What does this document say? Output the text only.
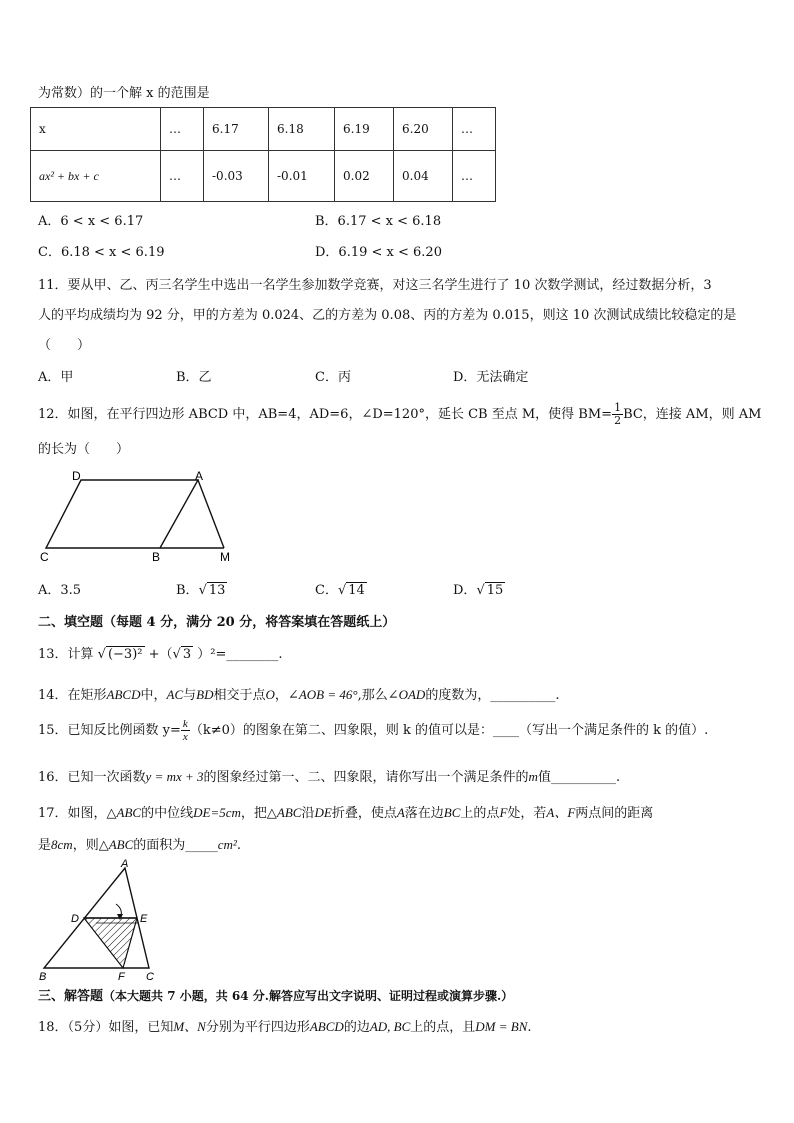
为常数）的一个解 x 的范围是
x	…	6.17	6.18	6.19	6.20	…
ax² + bx + c	…	-0.03	-0.01	0.02	0.04	…
A．6 < x < 6.17	B．6.17 < x < 6.18
C．6.18 < x < 6.19	D．6.19 < x < 6.20
11．要从甲、乙、丙三名学生中选出一名学生参加数学竞赛，对这三名学生进行了 10 次数学测试，经过数据分析，3
人的平均成绩均为 92 分，甲的方差为 0.024、乙的方差为 0.08、丙的方差为 0.015，则这 10 次测试成绩比较稳定的是
（　　）
A．甲	B．乙	C．丙	D．无法确定
12．如图，在平行四边形 ABCD 中，AB=4，AD=6，∠D=120°，延长 CB 至点 M，使得 $BM= \frac{1}{2}$ BC，连接 AM，则 AM
的长为（　　）
D	A
C	B	M
A．3.5	B．√ 13	C．√ 14	D．√ 15
二、填空题（每题 4 分，满分 20 分，将答案填在答题纸上）
13．计算 √ (−3)² +（√ 3 ）²=________.
14．在矩形ABCD中，AC与BD相交于点O，∠AOB = 46°,那么∠OAD的度数为，__________.
15．已知反比例函数 $y= \frac{k}{x} (k\ne 0)$的图象在第二、四象限，则 k 的值可以是：____（写出一个满足条件的 k 的值）.
16．已知一次函数y = mx + 3的图象经过第一、二、四象限，请你写出一个满足条件的m值__________.
17．如图，△ABC的中位线DE=5cm，把△ABC沿DE折叠，使点A落在边BC上的点F处，若A、F两点间的距离
是8cm，则△ABC的面积为_____cm².
A
D	E
B	F C
三、解答题（本大题共 7 小题，共 64 分.解答应写出文字说明、证明过程或演算步骤.）
18．（5分）如图，已知M、N分别为平行四边形ABCD的边AD, BC上的点，且DM = BN.
